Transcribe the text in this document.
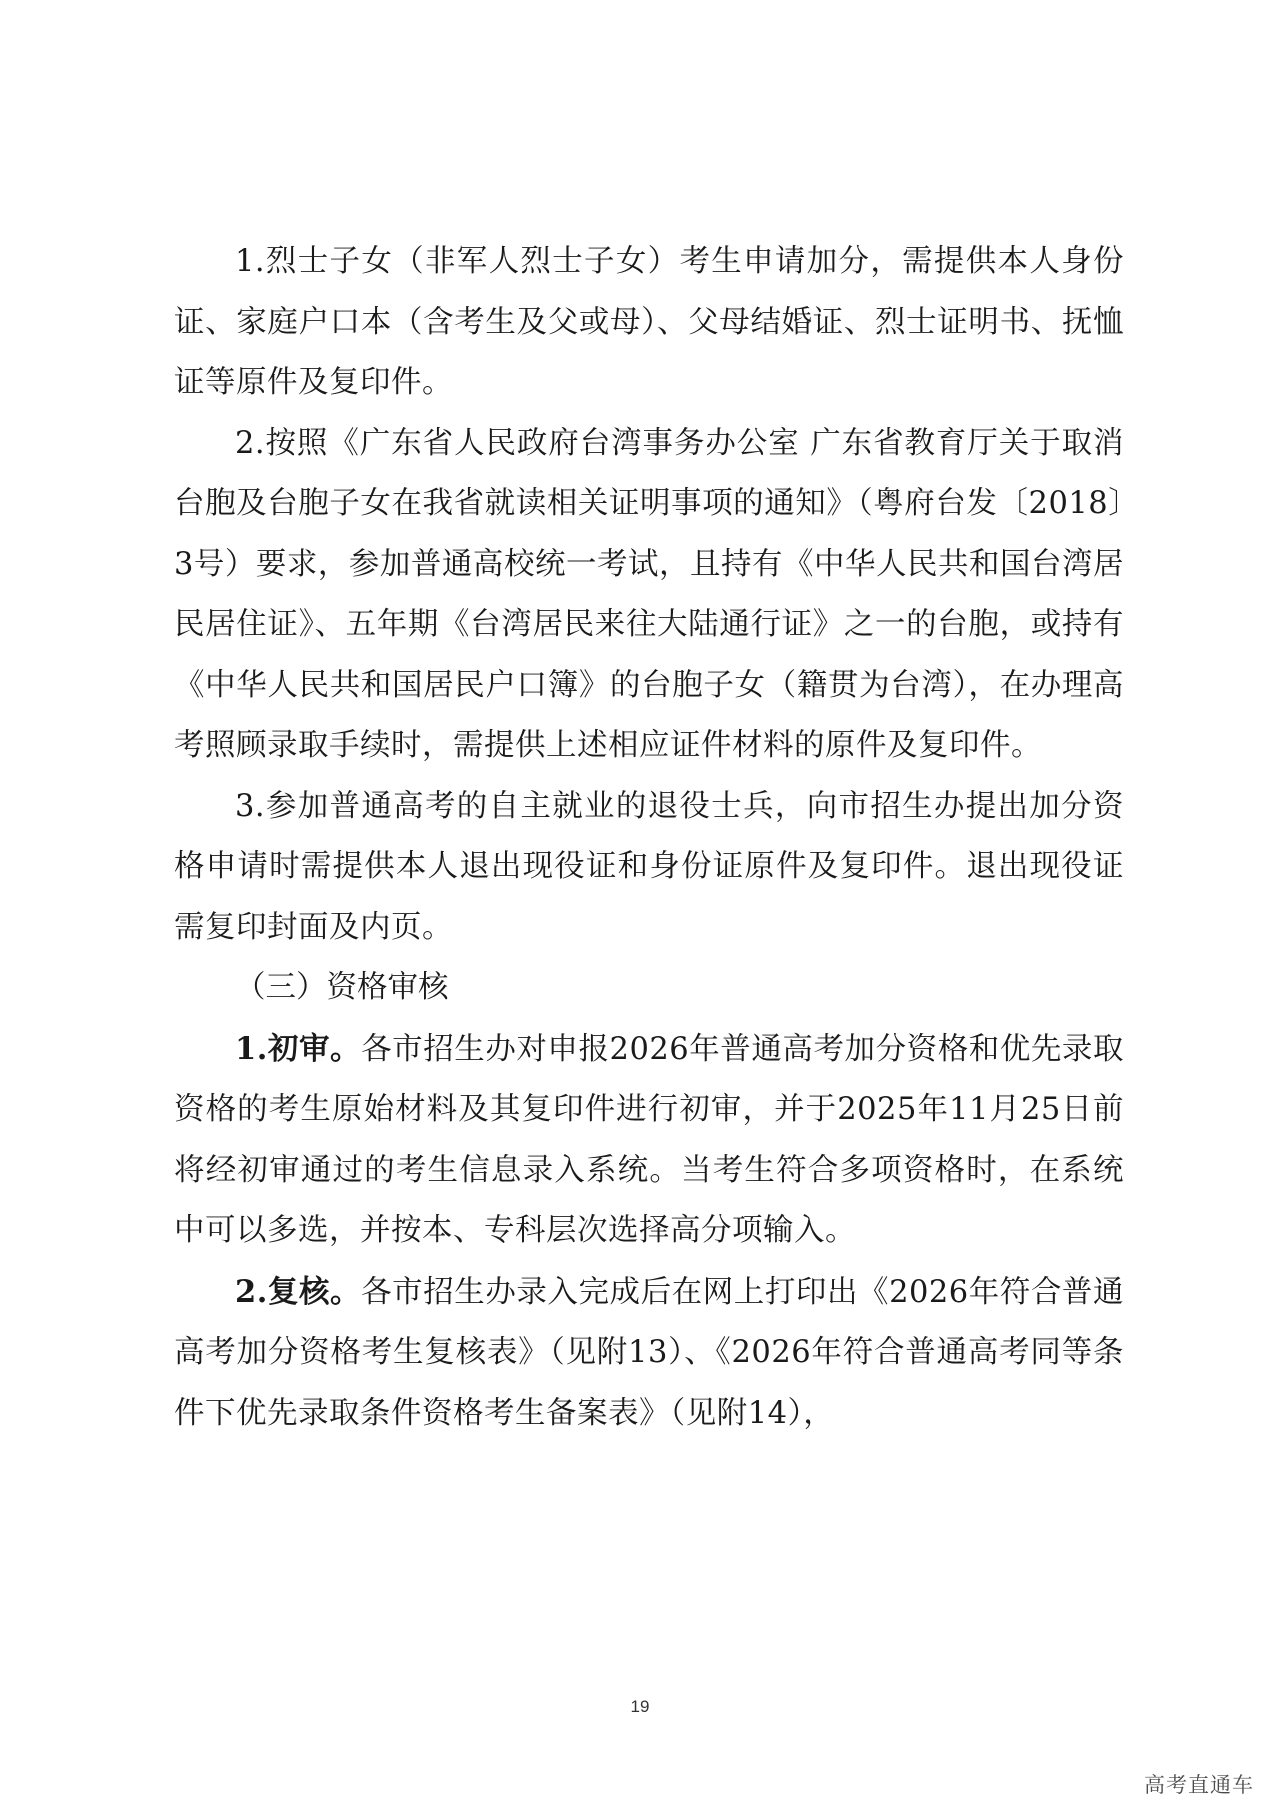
1.烈士子女（非军人烈士子女）考生申请加分，需提供本人身份证、家庭户口本（含考生及父或母）、父母结婚证、烈士证明书、抚恤证等原件及复印件。

2.按照《广东省人民政府台湾事务办公室 广东省教育厅关于取消台胞及台胞子女在我省就读相关证明事项的通知》（粤府台发〔2018〕3号）要求，参加普通高校统一考试，且持有《中华人民共和国台湾居民居住证》、五年期《台湾居民来往大陆通行证》之一的台胞，或持有《中华人民共和国居民户口簿》的台胞子女（籍贯为台湾），在办理高考照顾录取手续时，需提供上述相应证件材料的原件及复印件。

3.参加普通高考的自主就业的退役士兵，向市招生办提出加分资格申请时需提供本人退出现役证和身份证原件及复印件。退出现役证需复印封面及内页。

（三）资格审核

1.初审。各市招生办对申报2026年普通高考加分资格和优先录取资格的考生原始材料及其复印件进行初审，并于2025年11月25日前将经初审通过的考生信息录入系统。当考生符合多项资格时，在系统中可以多选，并按本、专科层次选择高分项输入。

2.复核。各市招生办录入完成后在网上打印出《2026年符合普通高考加分资格考生复核表》（见附13）、《2026年符合普通高考同等条件下优先录取条件资格考生备案表》（见附14），

19
高考直通车
